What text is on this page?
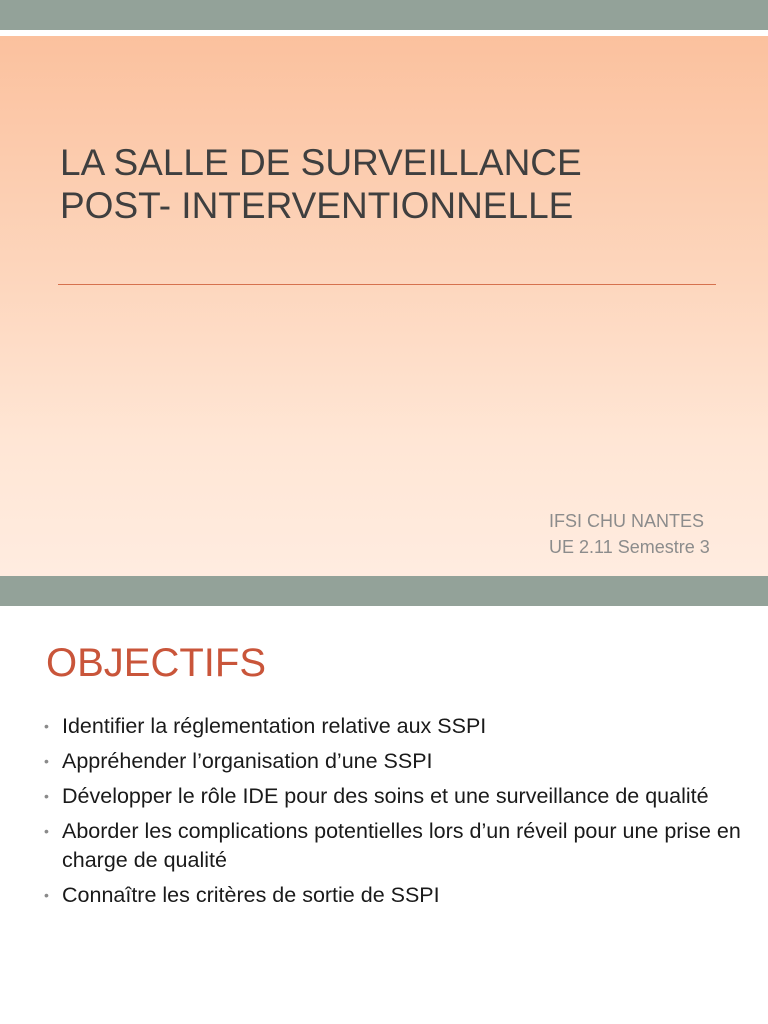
LA SALLE DE SURVEILLANCE
POST- INTERVENTIONNELLE
IFSI CHU NANTES
UE 2.11 Semestre 3
OBJECTIFS
• Identifier la réglementation relative aux SSPI
• Appréhender l’organisation d’une SSPI
• Développer le rôle IDE pour des soins et une surveillance de qualité
• Aborder les complications potentielles lors d’un réveil pour une prise en charge de qualité
• Connaître les critères de sortie de SSPI
